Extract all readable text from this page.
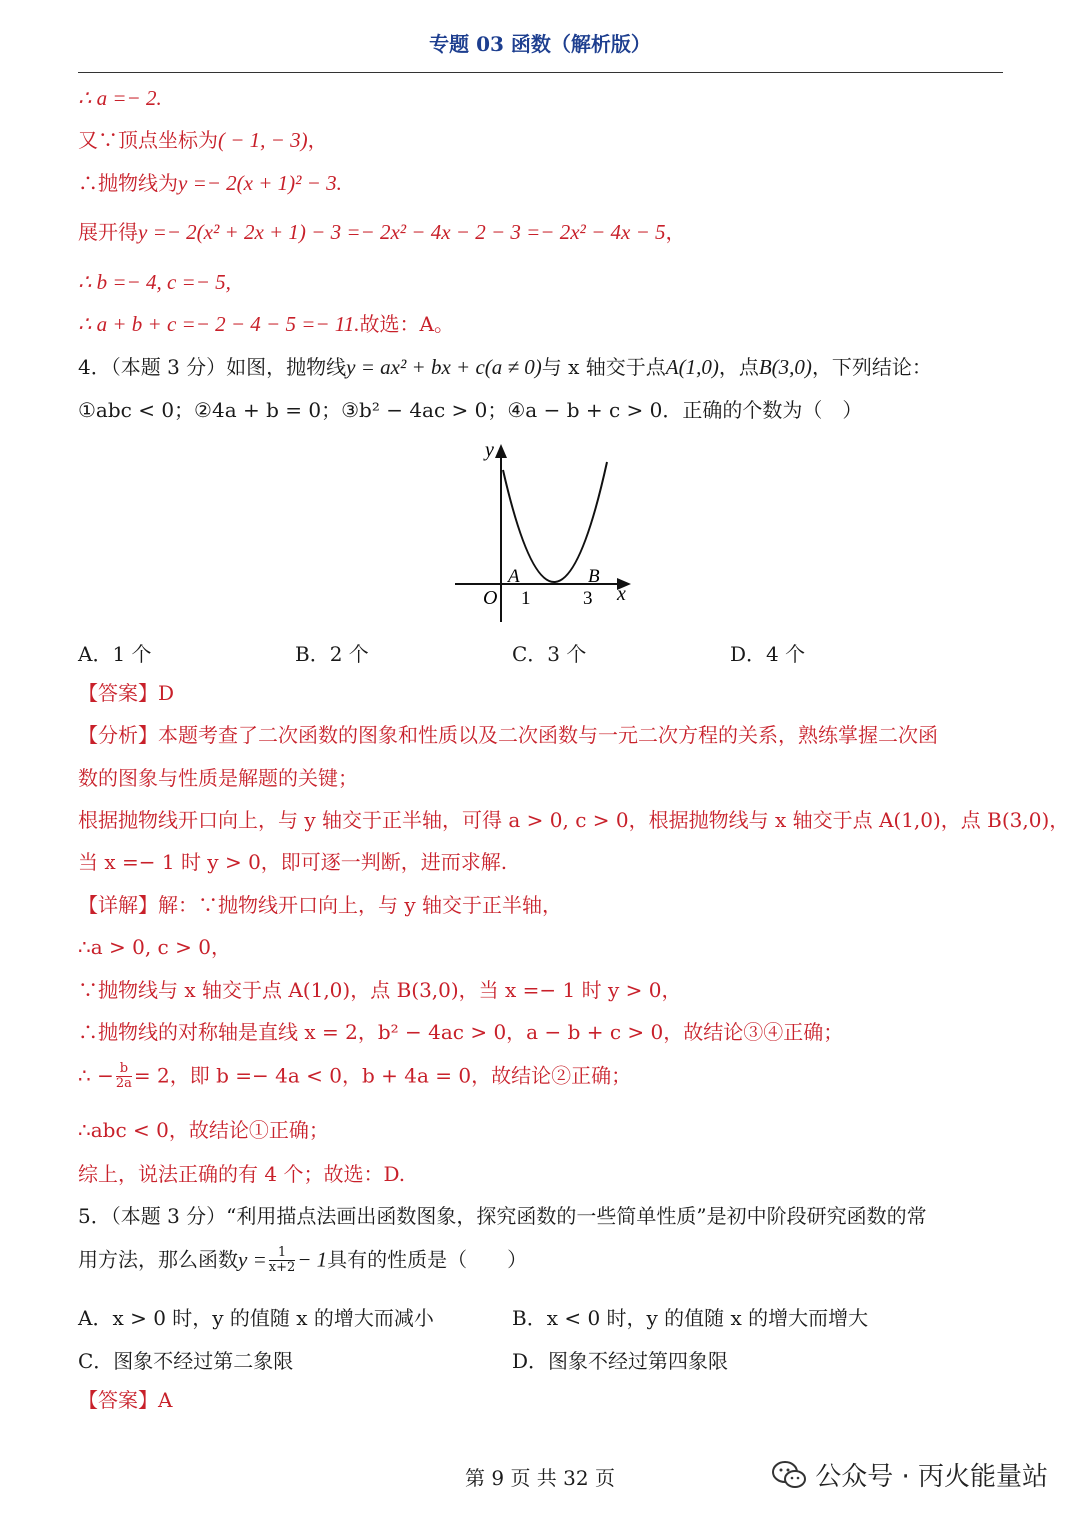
专题 03 函数（解析版）
∴ a =− 2.
又∵顶点坐标为( − 1, − 3)，
∴抛物线为y =− 2(x + 1)² − 3.
展开得y =− 2(x² + 2x + 1) − 3 =− 2x² − 4x − 2 − 3 =− 2x² − 4x − 5，
∴ b =− 4, c =− 5,
∴ a + b + c =− 2 − 4 − 5 =− 11.故选：A。
4．（本题 3 分）如图，抛物线y = ax² + bx + c(a ≠ 0)与 x 轴交于点A(1,0)，点B(3,0)，下列结论：
①abc < 0；②4a + b = 0；③b² − 4ac > 0；④a − b + c > 0．正确的个数为（　）
y
x
O
A	B
1	3
A．1 个	B．2 个	C．3 个	D．4 个
【答案】D
【分析】本题考查了二次函数的图象和性质以及二次函数与一元二次方程的关系，熟练掌握二次函
数的图象与性质是解题的关键；
根据抛物线开口向上，与 y 轴交于正半轴，可得 a > 0, c > 0，根据抛物线与 x 轴交于点 A(1,0)，点 B(3,0)，
当 x =− 1 时 y > 0，即可逐一判断，进而求解.
【详解】解：∵抛物线开口向上，与 y 轴交于正半轴，
∴a > 0, c > 0，
∵抛物线与 x 轴交于点 A(1,0)，点 B(3,0)，当 x =− 1 时 y > 0，
∴抛物线的对称轴是直线 x = 2，b² − 4ac > 0，a − b + c > 0，故结论③④正确；
∴ − $\frac{b}{2a} = 2$，即 b =− 4a < 0，b + 4a = 0，故结论②正确；
∴abc < 0，故结论①正确；
综上，说法正确的有 4 个；故选：D.
5．（本题 3 分）“利用描点法画出函数图象，探究函数的一些简单性质”是初中阶段研究函数的常
用方法，那么函数$y = \frac{1}{x+2} - 1$具有的性质是（　　）
A．x > 0 时，y 的值随 x 的增大而减小	B．x < 0 时，y 的值随 x 的增大而增大
C．图象不经过第二象限	D．图象不经过第四象限
【答案】A
第 9 页 共 32 页	公众号 · 丙火能量站
